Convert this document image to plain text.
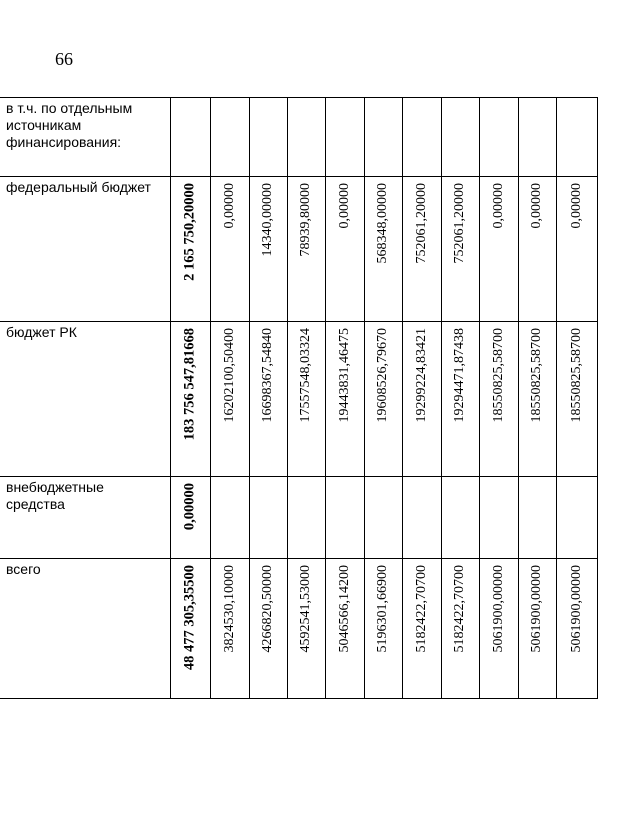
66
в т.ч. по отдельным источникам финансирования:	

федеральный бюджет	2 165 750,20000	0,00000	14340,00000	78939,80000	0,00000	568348,00000	752061,20000	752061,20000	0,00000	0,00000	0,00000

бюджет РК	183 756 547,81668	16202100,50400	16698367,54840	17557548,03324	19443831,46475	19608526,79670	19299224,83421	19294471,87438	18550825,58700	18550825,58700	18550825,58700

внебюджетные средства	0,00000										

всего	48 477 305,35500	3824530,10000	4266820,50000	4592541,53000	5046566,14200	5196301,66900	5182422,70700	5182422,70700	5061900,00000	5061900,00000	5061900,00000
